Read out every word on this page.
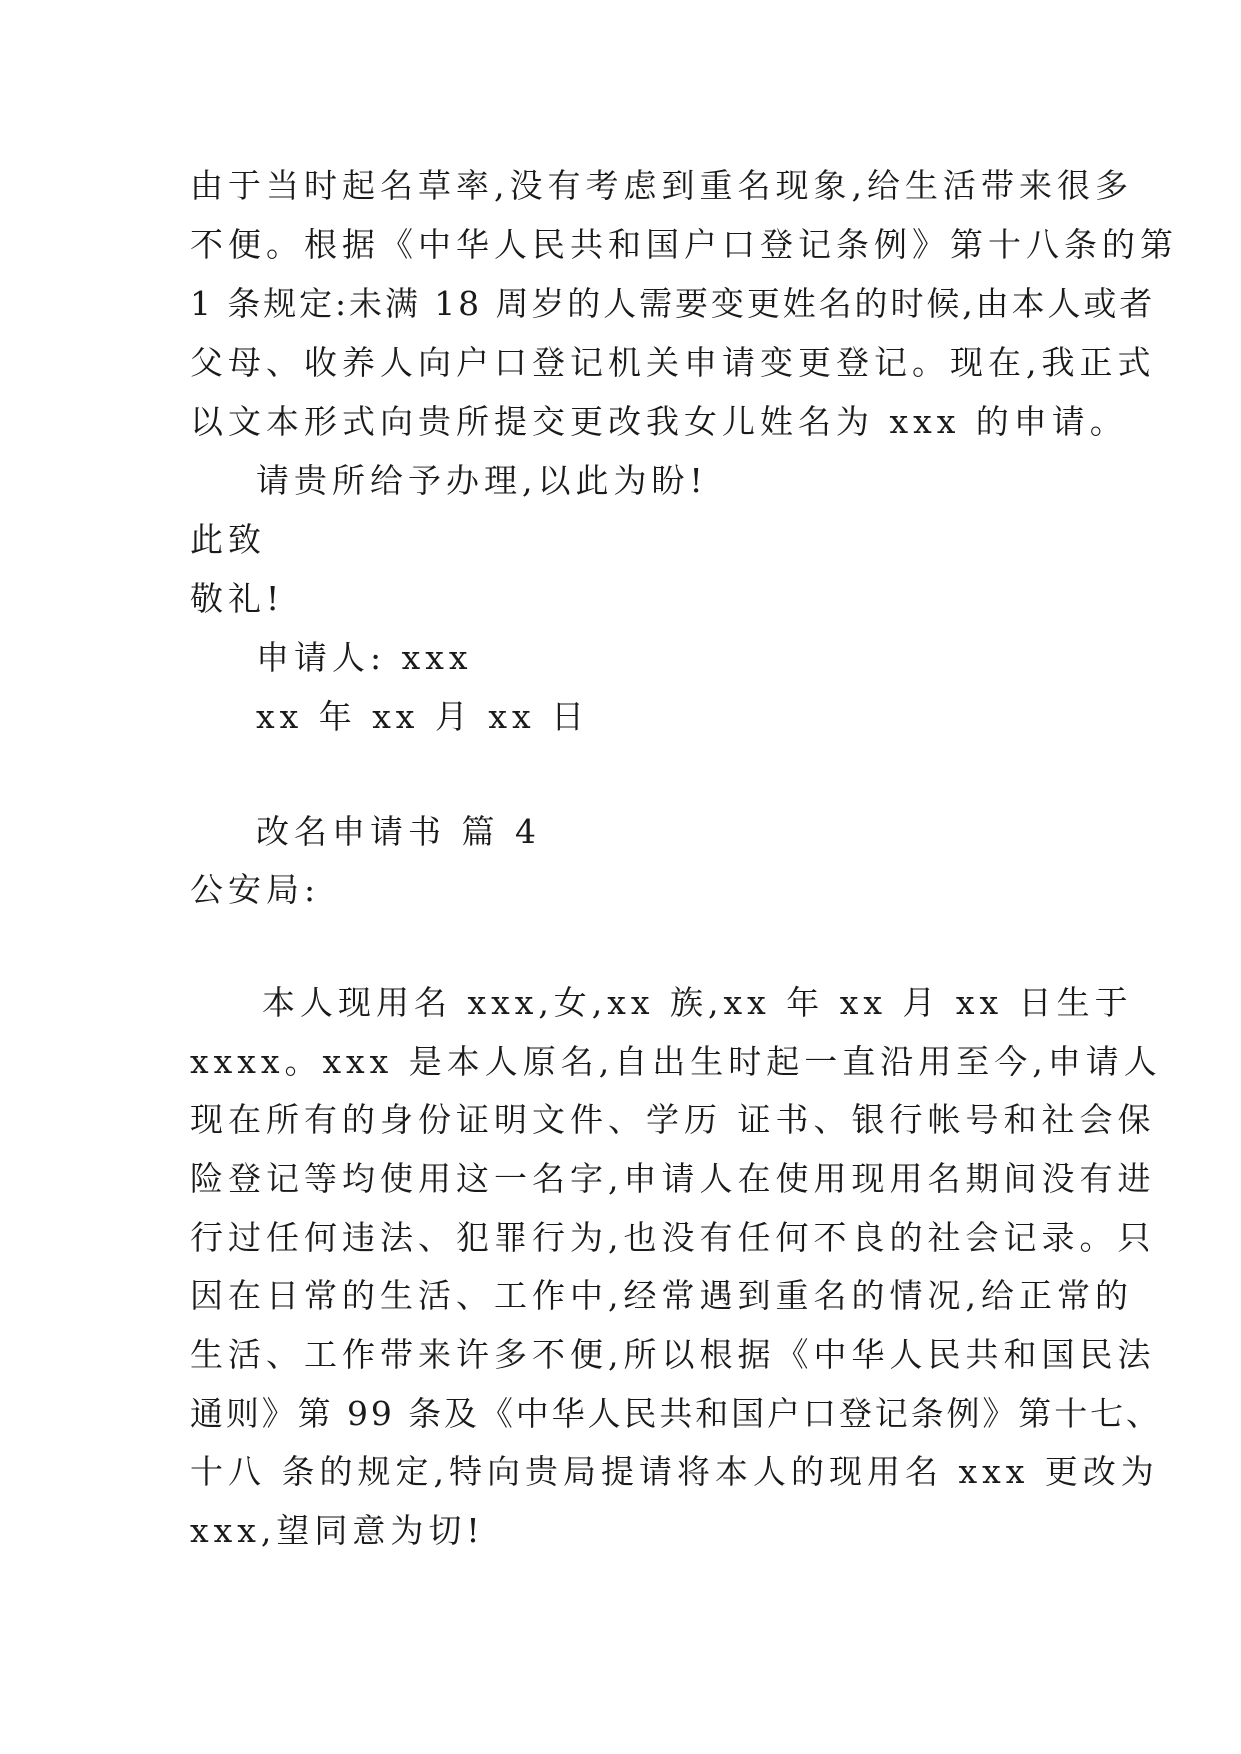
由于当时起名草率,没有考虑到重名现象,给生活带来很多
不便。根据《中华人民共和国户口登记条例》第十八条的第
1 条规定:未满 18 周岁的人需要变更姓名的时候,由本人或者
父母、收养人向户口登记机关申请变更登记。现在,我正式
以文本形式向贵所提交更改我女儿姓名为 xxx 的申请。
请贵所给予办理,以此为盼!
此致
敬礼!
申请人: xxx
xx 年 xx 月 xx 日
改名申请书 篇 4
公安局:
本人现用名 xxx,女,xx 族,xx 年 xx 月 xx 日生于
xxxx。xxx 是本人原名,自出生时起一直沿用至今,申请人
现在所有的身份证明文件、学历 证书、银行帐号和社会保
险登记等均使用这一名字,申请人在使用现用名期间没有进
行过任何违法、犯罪行为,也没有任何不良的社会记录。只
因在日常的生活、工作中,经常遇到重名的情况,给正常的
生活、工作带来许多不便,所以根据《中华人民共和国民法
通则》第 99 条及《中华人民共和国户口登记条例》第十七、
十八 条的规定,特向贵局提请将本人的现用名 xxx 更改为
xxx,望同意为切!
